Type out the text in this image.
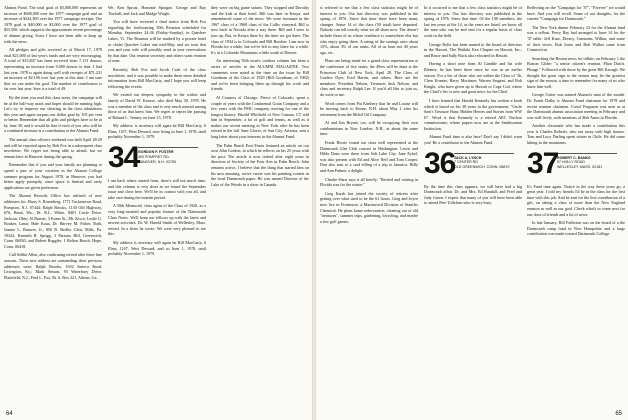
Alumni Fund. The total goal of $5,000,000 represents an increase of $600,000 over the 1977 campaign goal and an increase of $244,300 over the 1977 campaign receipts. The 1978 goal is $40,000 or $3,000 over the 1977 goal of $55,500, which supports the approximate recent percentage of alumni giving. Sorry I have not been able to keep up with the news.

All pledges and gifts received as of March 17, 1978 total $21,000 of last year's funds and are very encouraging. A total of $13,847 has been received from 7,113 donors, representing an increase from 9,000 donors to date. I had last year. 1978 is again doing well with receipts of $71,231 an increase of $2,106 over last year at this time. I am sure that we can make the goal. The number of contributors is far ever last year. Sure is a total of 49.

By the time you read this class notes, the campaign will be at the half-way mark and hopes should be running high. Let's try to improve our showing in the class tabulations this year and again surpass our dollar goal by 105 per cent or better. Remember that all gifts and pledges have to be in by June 30, and it would be fine if each of you who will be a continued increase is a contribution to the Alumni Fund.

The annual class officers weekend was held April 28-29 and will be reported upon by Bob Fox in a subsequent class newsletter. We regret not being able to attend, but we remain here in Hanover during the spring.

Remember that if you and your family are planning to spend a part of your vacation in the Alumni College summer program for August 1978, in Hanover, you had better apply promptly, since space is limited and early applications are given preference.

The Alumni Records Office has advised of new addresses for: Harry S. Rosenberg, 1771 Tuckertown Road, Pompton, N.J. 07444; Ralph Brooks, 1130 Old Highway, #76, Bend, Wa.; Dr. R.L. White, 8401 Circle Drive, Jackson, Ohio; Al Barrett, 3 Evans St., Mt. Kisco; Leslie G. Bouker, Lanai; Hale Kaua, Dr. Harvey M. Fisher, Bath, Jeanne L. Banwer, Jr., 850 B. Bedfor Glen, Mills, Pa. 19342; Kenneth R. Sprigg, 3 Parsons Hill, Greenwich, Conn. 06830; and Robert Ruggles, 1 Bolton Beach, Hope, Conn. 06418.

Call Sebbit Allen, also confirming retired after three fine seasons. These new address are outstanding: their previous addresses were: Ralph Brooks, 1652 Seneca Road, Lexington, Ky.; Mark Steuart, 93 Waterbury Drive, Plainfield, N.J.; Fred L. Fox, Rt. 6, Box 221, Athens, Ga.

We, Ken Sproat, Hommie Sprague, George and Ray Tinchall, and Jack and Madge Wright.

You will have received a final notice from Bob Fox regarding the forthcoming 50th Reunion scheduled for Monday, September 24-26 (Friday-Sunday), in Quechee Lakes, Vt. The Reunion will be marked by a private hotel or chalet Quechee Lakes one mid-May, and we trust that you and your wife will possibly send in your reservations by that date. Our reunion secretary and others want reunion of men.

Recently, Bob Fox and Jacob Craft of the class newsletter, and it was possible to make these more detailed information from Bill MacCarty, and I hope you will keep following the events.

We extend our deepest sympathy to the widow and family of David W. Krouse, who died May 30, 1978. He was a member of the class and is very much missed among those of us that knew him. We regret to report the passing of Roland L. Tenney on June 15, 1978.

My address: is secretary will again be Bill MacCarty, 6 Elms, 1107, West Deward, now living in June 1, 1978, until probably November 1, 1979.

34
GORDON F. FOSTER
400 POMFRET RD.
HANOVER, N.H. 03755

I am back where started from, there's still not much time, and this column is very short as we found the September issue and close here. We'll be in contact with you all, and take care during the interim period.

A 50th Memorial, class agent of the Class of 1920, as a very long-awaited and popular feature of the Dartmouth Class Notes. We'll keep our fellows up with the latest and newest activities. Dr. W. Harold Smith of Wellesley, Mass. retired. In a letter he wrote: We were very pleased to see this.

My address is secretary will again be Bill MacCarty, 6 Elms, 1107, West Deward, and so June 1, 1978, until probably November 1, 1979.

they were on big game safaris. They stopped and Dorothy and the kids at their hotel. Bill was later in Kenya, and remembered some of the news. We were fortunate in the 1967 class of a 1968 class of the Collis vineyard. Bill is now back in Nevada after a stay there. Bill and I were to join up. But, in Kenya there by the time we got there. The class of 1934 is in Colorado and Bill Butcher. I am now in Florida for a while, but we've left to stay there for a while. It's in a Colorado Mountains a little south of Denver.

An interesting 50th issue's outdoor column has been a series of articles in the ALUMNI MAGAZINE. Two comments were noted at the time on the issue by Bill Goodman of the Class of 1929 (Bill Goodman, of 1982) and we've been bringing them up through his work and friends.

Al Connors of Chicago, Pierce of Colorado, spent a couple of years with the Continental Grain Company and a few years with the FMC company, moving for one of the longest history. Harold Whitfield of New Canaan, CT told him in September, a lot of golf and tennis, as well as it makes our recent meeting in New York after he has been retired in the fall. Sam Glover, of Sun City, Arizona, sent a long letter about your interests in the Alumni Fund.

The Palm Beach Post-Times featured an article on our own John Gordon, in which he reflects on his 25 years with the post. The article is now retired after eight years in direction of Society of the Four Arts in Palm Beach. John remains active, I believe that the thing that started him on his now amusing, active career was his painting contest in the local Dartmouth paper. He was named Director of the Lake of the Woods in a show in Canada.

64

is referred to me that a few class statistics might be of interest to you. Our last directory was published in the spring of 1976. Since that time there have been many changes. Some 14 of the class (50 total) have departed. Nobody can tell exactly what we all share now. The doesn't include those of us whose residence is somewhere else but who enjoy going there. A rating of the sonings ratio about 15%, about 3% of our ranks. All of us born not 40 years ago, etc.

Plans are being made for a grand class representation at the conference of five states, the 49ers will be done at the Princeton Club of New York, April 28. The Class of Gordon Dyer, Fred Harrin, and others. Here are the members: President Nelson, Treasurer Jack Nelson, and class and secretary Ralph Lee. If you'd all like to join us, do write to me.

Word comes from Pat Kimbery that he and Louise will be moving back to Keene, N.H. about May 1 after his retirement from the Mobil Oil Company.

Al and Jim Bryant, too, will be occupying their own condominium in New London, N.H., at about the same time.

Frank Horrie found our class well represented at the Dartmouth Glee Club concert in Washington. Lewis and Hilda Dean were there from Salt Lake City. Jane Eykel, was also present with Ed and Alice Neff and Tom Cooper. Don also sent to a card telling of a trip to Jamaica. Hilly and Ann Palmer, a delight.

Charlie Shaw says it all briefly: "Retired and retiring in Florida was for the winter."

Greg Karsh has joined the society of retirees after getting over what used to be the 61 hours. Greg and Joyce now live in Frostmore, a Marinwood Division of Stauffer Chemical. He plans home redecoration, cleaning out of old "treasures", summer trips, gardening, bicycling, and maybe a few golf games.

In it occurred to me that a few class statistics might be of interest to you. Our last directory was published in the spring of 1976. Since that time. Of the 100 members, the last ten years of the 14, as the years are listed, we know all the men who can be and sent for a regular basis of class work in the field.

George Rolfe has been named to the board of directors in the Hawaii. The Waikiki Kea Chapter on Hawaii, Inc., and Bruce and Sally Buck also relocated in Hawaii.

Having a short note from Al Gamble and his wife Eleanor, he has been there since he was in an earlier season. For a list of those who are within the Class of '36, Clem Kramer, Harry Mortimer, Warren Sargent, and Bob Knight, who have given up to Hawaii or Cape Cod, where the Chief's Sec is new and great news for the Chief.

I have learned that Harold Kennedy has written a book which is based on his 38 years in the government, "Uncle Sam's Treasure Hunt: Hidden Heroes and Stories from WW II". Word is that Kennedy is a retired AEC Nuclear commissioner, whose papers now are at the Smithsonian Institution.

Alumni Fund time is also here! Don't say I didn't warn you! Be a contributor to the Alumni Fund.

36
JACK A. LYNCH
7 CENTER RD
OLD GREENWICH, CONN. 06870

By the time this class appears, we will have had a big Dartmouth affair. Dr. and Mrs. Ed Randall, and Fred and Judy Green. I expect that many of you will have been able to attend Pete Tollefsen who is very busy.

Reflecting on the "Campaign for '37", "Forever" we would have. And you will recall. Some of our thoughts, for the current "Campaign for Dartmouth."

The New York dinner February 23 for the Alumni fund was a sellout. Percy Ray had arranged to have 14 for the '37 table: Jeff Kurz, Dorsey, Cummins, Wilbur, and some of their wives. Bob Jones and Bob Walker came from Connecticut.

Searching the Boston news for tidbits, on February 1 the Boston Globe: "a senior citizen's reunion. Plain Dutch. Plunge." Followed with those by the great Bill Keough. We thought the great sign to the season may be the greatest sign of the season, a time to remember for many of us who knew him well.

George Cotter was named Alumni's man of the month. Dr. Frank Dalby is Alumni Fund chairman for 1978 and recent reunion chairman. Crowf Ferguson was seen as at the Dartmouth alumni association meeting in February and was well lively, with mentions of Bob Ames in Florida.

Another classmate who has made a contribution this year is Charles Roberts, who ran away with high honors. Tom and Lucy Darling spent winter in Chile. He did some hiking in the mountains.

37
ROBERT C. BANKS
57 HOLLY ROAD
WELLESLEY, MASS. 02181

It's Fund time again. Notice in the way these years go, a great year. I told my friends I'd be in the class for the first time with this job. And he sent for the first contribution of a gift, on taking a class of more than the New England reunion as well as our goal. Check what's to come next for our class of friends and a lot of news.

In late January, Bill Fullerton was on the board of a the Dartmouth camp fund in New Hampshire and a large contribution was made toward Dartmouth College.

65
